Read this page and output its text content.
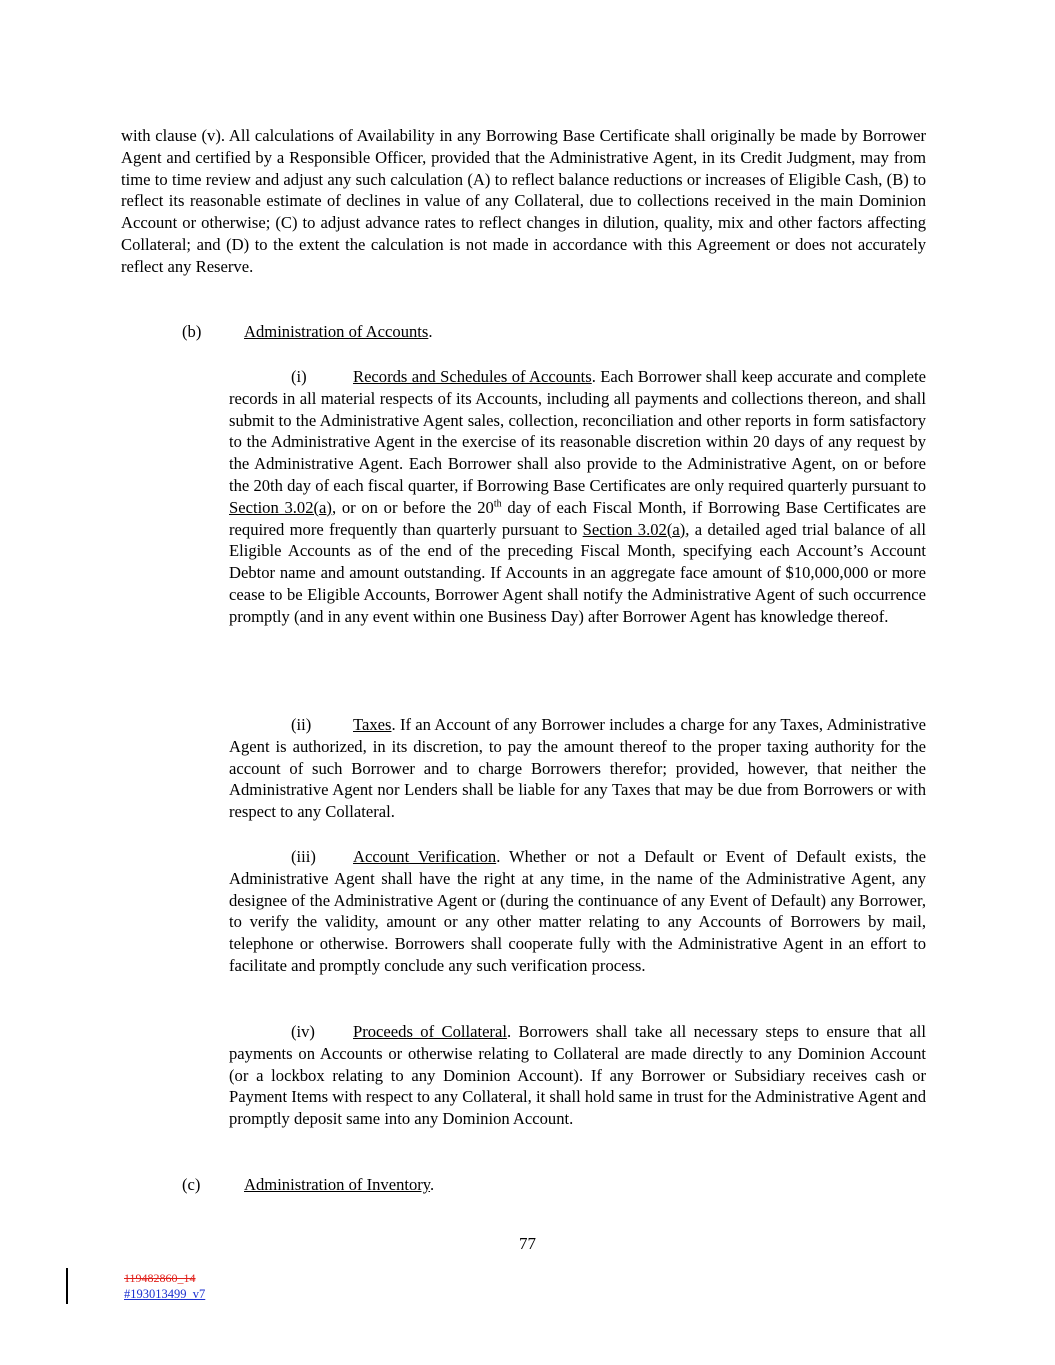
with clause (v). All calculations of Availability in any Borrowing Base Certificate shall originally be made by Borrower Agent and certified by a Responsible Officer, provided that the Administrative Agent, in its Credit Judgment, may from time to time review and adjust any such calculation (A) to reflect balance reductions or increases of Eligible Cash, (B) to reflect its reasonable estimate of declines in value of any Collateral, due to collections received in the main Dominion Account or otherwise; (C) to adjust advance rates to reflect changes in dilution, quality, mix and other factors affecting Collateral; and (D) to the extent the calculation is not made in accordance with this Agreement or does not accurately reflect any Reserve.

(b)	Administration of Accounts.

(i)	Records and Schedules of Accounts. Each Borrower shall keep accurate and complete records in all material respects of its Accounts, including all payments and collections thereon, and shall submit to the Administrative Agent sales, collection, reconciliation and other reports in form satisfactory to the Administrative Agent in the exercise of its reasonable discretion within 20 days of any request by the Administrative Agent. Each Borrower shall also provide to the Administrative Agent, on or before the 20th day of each fiscal quarter, if Borrowing Base Certificates are only required quarterly pursuant to Section 3.02(a), or on or before the 20th day of each Fiscal Month, if Borrowing Base Certificates are required more frequently than quarterly pursuant to Section 3.02(a), a detailed aged trial balance of all Eligible Accounts as of the end of the preceding Fiscal Month, specifying each Account’s Account Debtor name and amount outstanding. If Accounts in an aggregate face amount of $10,000,000 or more cease to be Eligible Accounts, Borrower Agent shall notify the Administrative Agent of such occurrence promptly (and in any event within one Business Day) after Borrower Agent has knowledge thereof.

(ii)	Taxes. If an Account of any Borrower includes a charge for any Taxes, Administrative Agent is authorized, in its discretion, to pay the amount thereof to the proper taxing authority for the account of such Borrower and to charge Borrowers therefor; provided, however, that neither the Administrative Agent nor Lenders shall be liable for any Taxes that may be due from Borrowers or with respect to any Collateral.

(iii) Account Verification. Whether or not a Default or Event of Default exists, the Administrative Agent shall have the right at any time, in the name of the Administrative Agent, any designee of the Administrative Agent or (during the continuance of any Event of Default) any Borrower, to verify the validity, amount or any other matter relating to any Accounts of Borrowers by mail, telephone or otherwise. Borrowers shall cooperate fully with the Administrative Agent in an effort to facilitate and promptly conclude any such verification process.

(iv) Proceeds of Collateral. Borrowers shall take all necessary steps to ensure that all payments on Accounts or otherwise relating to Collateral are made directly to any Dominion Account (or a lockbox relating to any Dominion Account). If any Borrower or Subsidiary receives cash or Payment Items with respect to any Collateral, it shall hold same in trust for the Administrative Agent and promptly deposit same into any Dominion Account.

(c)	Administration of Inventory.
77
119482860_14
#193013499_v7
